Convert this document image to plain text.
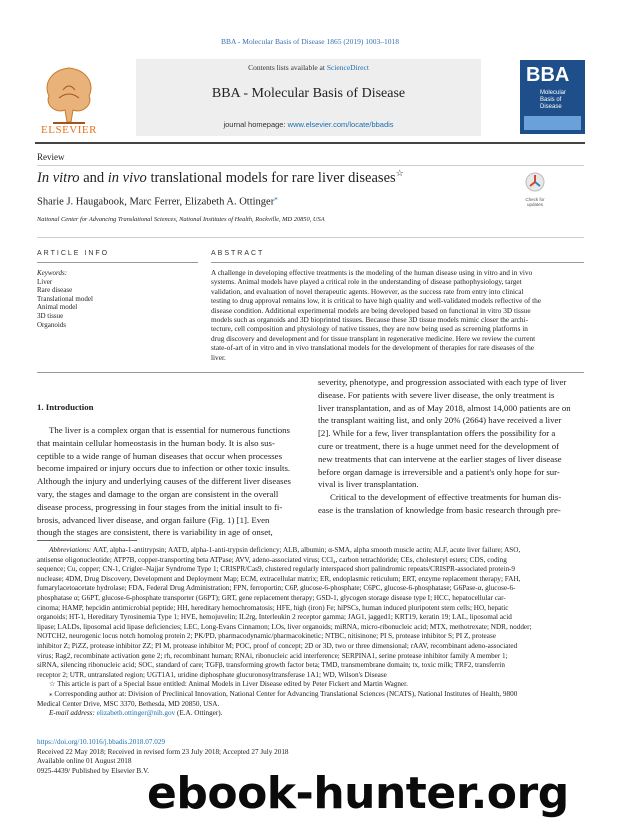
BBA - Molecular Basis of Disease 1865 (2019) 1003–1018
ELSEVIER
Contents lists available at ScienceDirect
BBA - Molecular Basis of Disease
journal homepage: www.elsevier.com/locate/bbadis
BBA
Molecular
Basis of
Disease
Review
In vitro and in vivo translational models for rare liver diseases☆
Check for
updates
Sharie J. Haugabook, Marc Ferrer, Elizabeth A. Ottinger⁎
National Center for Advancing Translational Sciences, National Institutes of Health, Rockville, MD 20850, USA
ARTICLE INFO	ABSTRACT
Keywords:
Liver
Rare disease
Translational model
Animal model
3D tissue
Organoids
A challenge in developing effective treatments is the modeling of the human disease using in vitro and in vivo
systems. Animal models have played a critical role in the understanding of disease pathophysiology, target
validation, and evaluation of novel therapeutic agents. However, as the success rate from entry into clinical
testing to drug approval remains low, it is critical to have high quality and well-validated models reflective of the
disease condition. Additional experimental models are being developed based on functional in vitro 3D tissue
models such as organoids and 3D bioprinted tissues. Because these 3D tissue models mimic closer the archi-
tecture, cell composition and physiology of native tissues, they are now being used as screening platforms in
drug discovery and development and for tissue transplant in regenerative medicine. Here we review the current
state-of-art of in vitro and in vivo translational models for the development of therapies for rare diseases of the
liver.
1. Introduction
The liver is a complex organ that is essential for numerous functions
that maintain cellular homeostasis in the human body. It is also sus-
ceptible to a wide range of human diseases that occur when processes
become impaired or injury occurs due to infection or other toxic insults.
Although the injury and underlying causes of the different liver diseases
vary, the stages and damage to the organ are consistent in the overall
disease process, progressing in four stages from the initial insult to fi-
brosis, advanced liver disease, and organ failure (Fig. 1) [1]. Even
though the stages are consistent, there is variability in age of onset,
severity, phenotype, and progression associated with each type of liver
disease. For patients with severe liver disease, the only treatment is
liver transplantation, and as of May 2018, almost 14,000 patients are on
the transplant waiting list, and only 20% (2664) have received a liver
[2]. While for a few, liver transplantation offers the possibility for a
cure or treatment, there is a huge unmet need for the development of
new treatments that can intervene at the earlier stages of liver disease
before organ damage is irreversible and a patient's only hope for sur-
vival is liver transplantation.
Critical to the development of effective treatments for human dis-
ease is the translation of knowledge from basic research through pre-
Abbreviations: AAT, alpha-1-antitrypsin; AATD, alpha-1-anti-trypsin deficiency; ALB, albumin; α-SMA, alpha smooth muscle actin; ALF, acute liver failure; ASO,
antisense oligonucleotide; ATP7B, copper-transporting beta ATPase; AVV, adeno-associated virus; CCl₄, carbon tetrachloride; CEs, cholesteryl esters; CDS, coding
sequence; Cu, copper; CN-1, Crigler–Najjar Syndrome Type 1; CRISPR/Cas9, clustered regularly interspaced short palindromic repeats/CRISPR-associated protein-9
nuclease; 4DM, Drug Discovery, Development and Deployment Map; ECM, extracellular matrix; ER, endoplasmic reticulum; ERT, enzyme replacement therapy; FAH,
fumarylacetoacetate hydrolase; FDA, Federal Drug Administration; FPN, ferroportin; C6P, glucose-6-phosphate; C6PC, glucose-6-phosphatase; G6Pase-α, glucose-6-
phosphatase α; G6PT, glucose-6-phosphate transporter (G6PT); GRT, gene replacement therapy; GSD-1, glycogen storage disease type I; HCC, hepatocellular car-
cinoma; HAMP, hepcidin antimicrobial peptide; HH, hereditary hemochromatosis; HFE, high (iron) Fe; hiPSCs, human induced pluripotent stem cells; HO, hepatic
organoids; HT-1, Hereditary Tyrosinemia Type 1; HVE, hemojuvelin; IL2rg, Interleukin 2 receptor gamma; JAG1, jagged1; KRT19, keratin 19; LAL, liposomal acid
lipase; LALDs, liposomal acid lipase deficiencies; LEC, Long-Evans Cinnamon; LOs, liver organoids; miRNA, micro-ribonucleic acid; MTX, methotrexate; NDR, nodder;
NOTCH2, neurogenic locus notch homolog protein 2; PK/PD, pharmacodynamic/pharmacokinetic; NTBC, nitisinone; PI S, protease inhibitor S; PI Z, protease
inhibitor Z; PiZZ, protease inhibitor ZZ; PI M, protease inhibitor M; POC, proof of concept; 2D or 3D, two or three dimensional; rAAV, recombinant adeno-associated
virus; Rag2, recombinate activation gene 2; rh, recombinant human; RNAi, ribonucleic acid interference; SERPINA1, serine protease inhibitor family A member 1;
siRNA, silencing ribonucleic acid; SOC, standard of care; TGFβ, transforming growth factor beta; TMD, transmembrane domain; tx, toxic milk; TRF2, transferrin
receptor 2; UTR, untranslated region; UGT1A1, uridine diphosphate glucuronosyltransferase 1A1; WD, Wilson's Disease
☆ This article is part of a Special Issue entitled: Animal Models in Liver Disease edited by Peter Fickert and Martin Wagner.
⁎ Corresponding author at: Division of Preclinical Innovation, National Center for Advancing Translational Sciences (NCATS), National Institutes of Health, 9800
Medical Center Drive, MSC 3370, Bethesda, MD 20850, USA.
E-mail address: elizabeth.ottinger@nih.gov (E.A. Ottinger).
https://doi.org/10.1016/j.bbadis.2018.07.029
Received 22 May 2018; Received in revised form 23 July 2018; Accepted 27 July 2018
Available online 01 August 2018
0925-4439/ Published by Elsevier B.V.
ebook-hunter.org
